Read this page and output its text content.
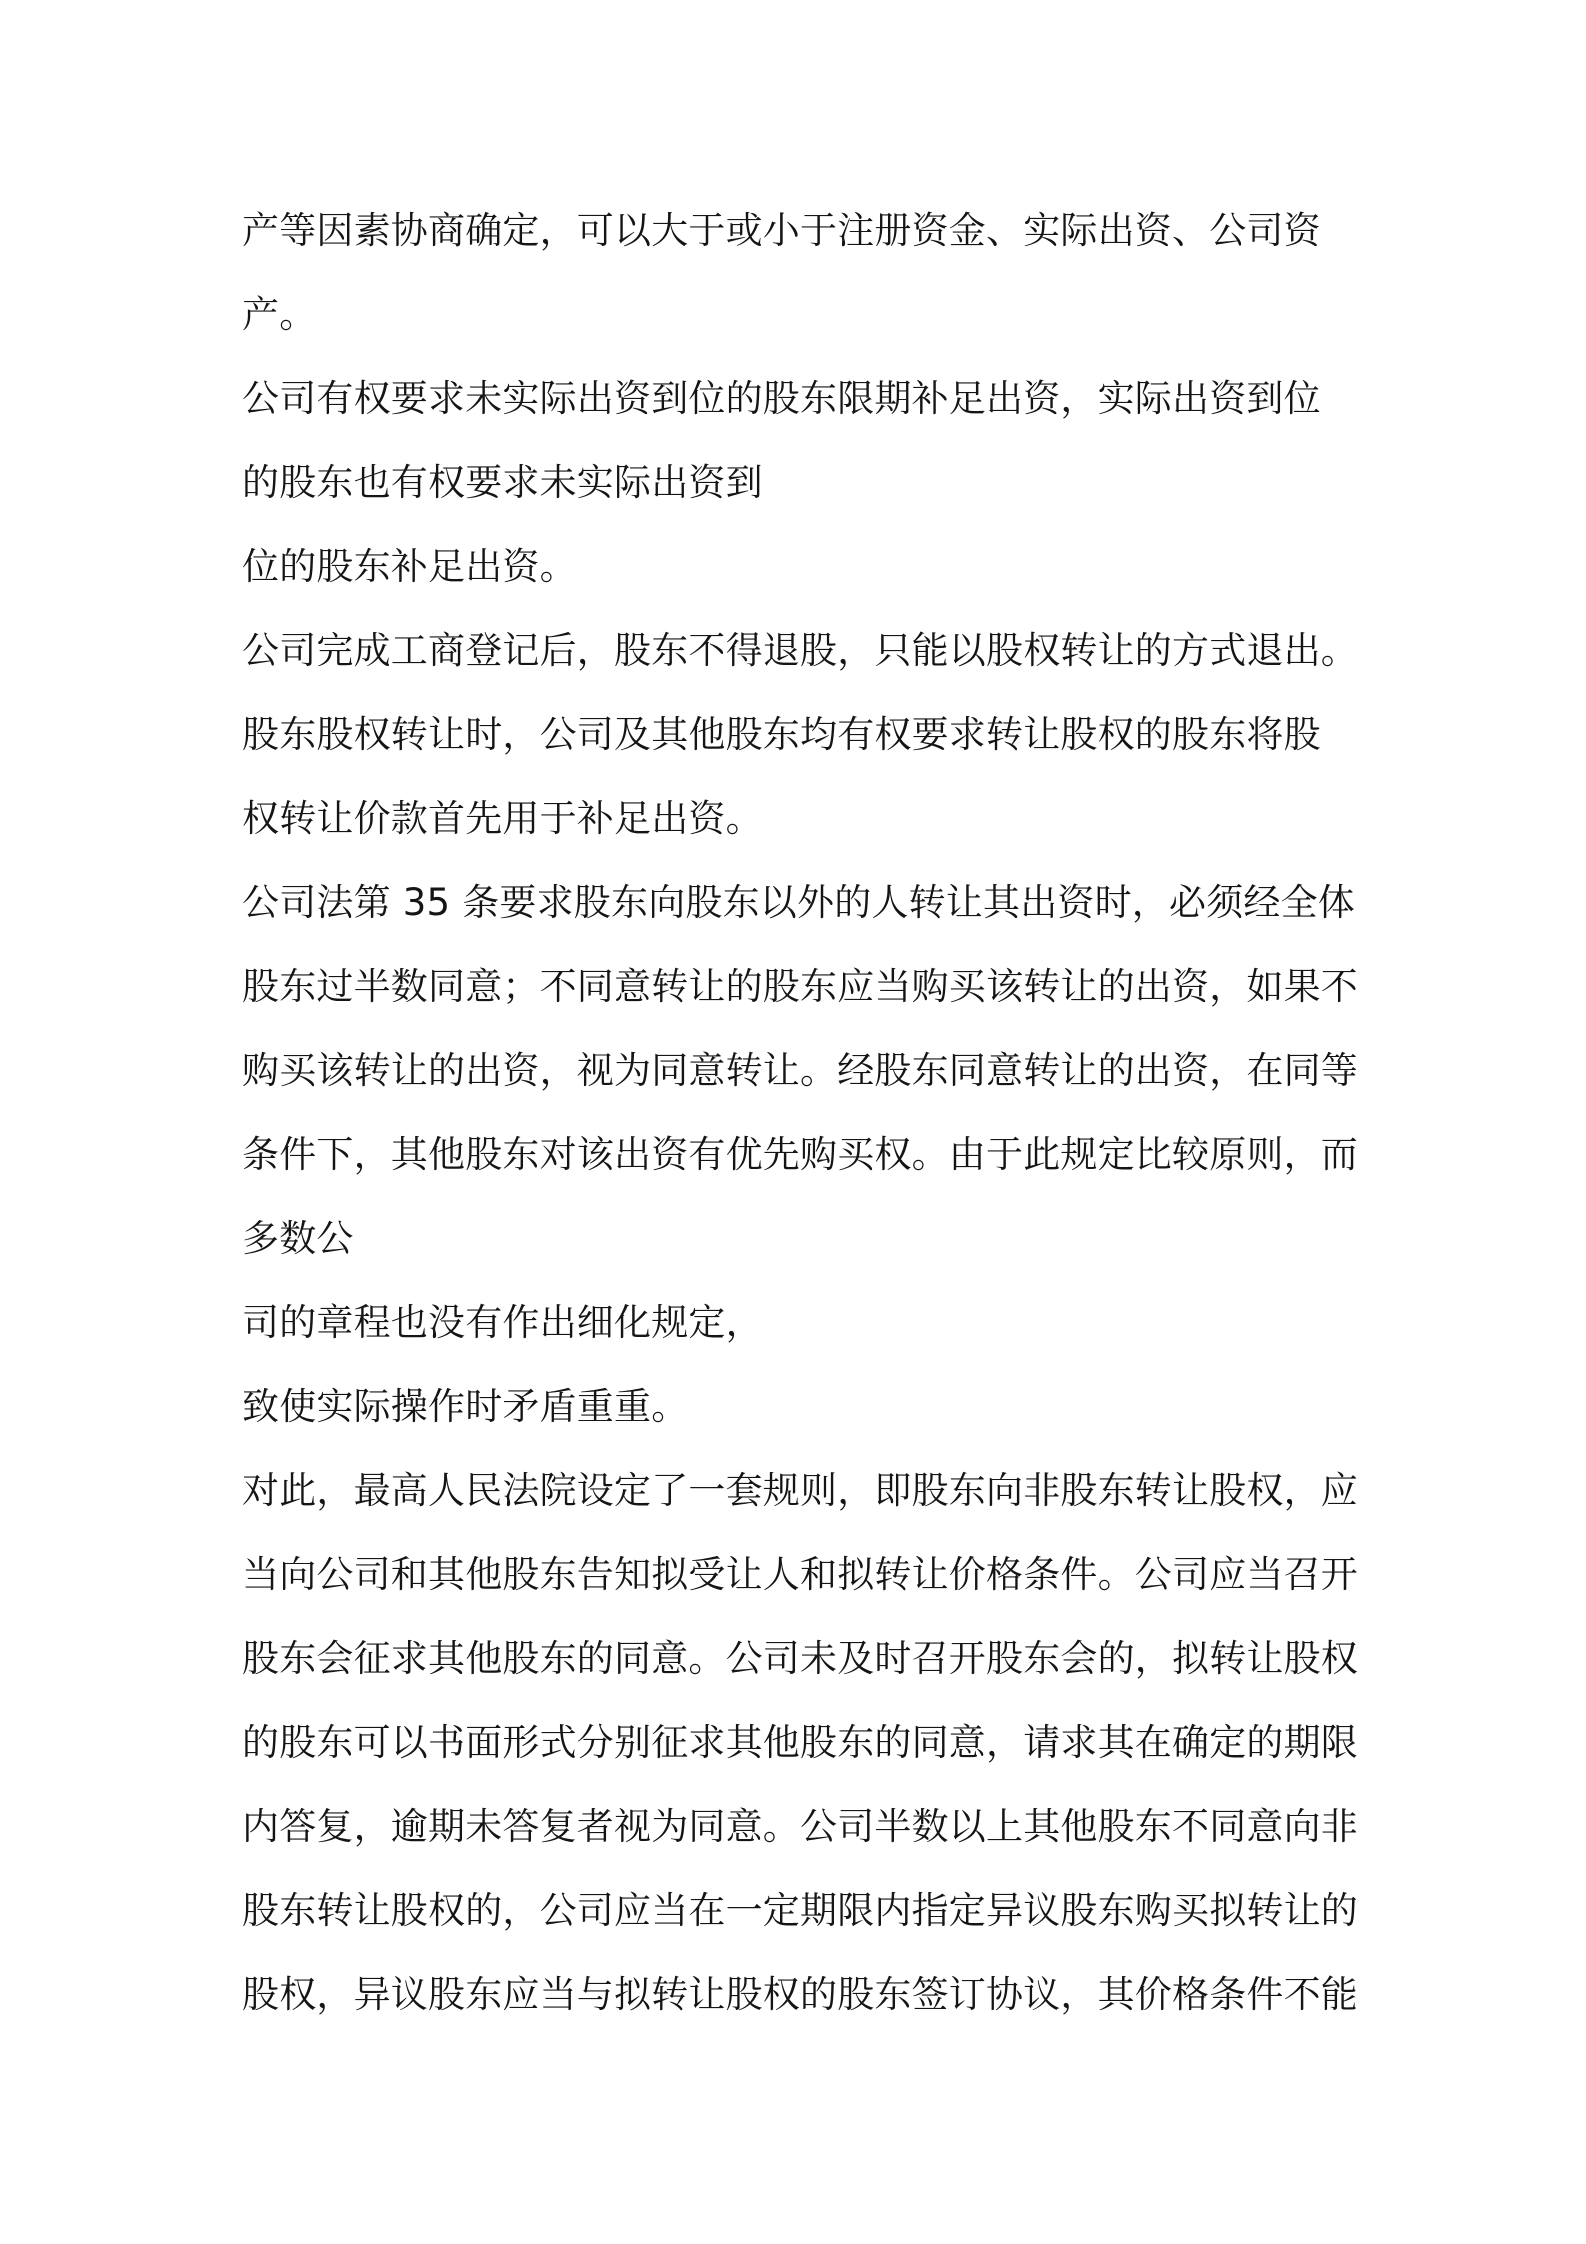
产等因素协商确定，可以大于或小于注册资金、实际出资、公司资
产。
公司有权要求未实际出资到位的股东限期补足出资，实际出资到位
的股东也有权要求未实际出资到
位的股东补足出资。
公司完成工商登记后，股东不得退股，只能以股权转让的方式退出。
股东股权转让时，公司及其他股东均有权要求转让股权的股东将股
权转让价款首先用于补足出资。
公司法第 35 条要求股东向股东以外的人转让其出资时，必须经全体
股东过半数同意；不同意转让的股东应当购买该转让的出资，如果不
购买该转让的出资，视为同意转让。经股东同意转让的出资，在同等
条件下，其他股东对该出资有优先购买权。由于此规定比较原则，而
多数公
司的章程也没有作出细化规定，
致使实际操作时矛盾重重。
对此，最高人民法院设定了一套规则，即股东向非股东转让股权，应
当向公司和其他股东告知拟受让人和拟转让价格条件。公司应当召开
股东会征求其他股东的同意。公司未及时召开股东会的，拟转让股权
的股东可以书面形式分别征求其他股东的同意，请求其在确定的期限
内答复，逾期未答复者视为同意。公司半数以上其他股东不同意向非
股东转让股权的，公司应当在一定期限内指定异议股东购买拟转让的
股权，异议股东应当与拟转让股权的股东签订协议，其价格条件不能
